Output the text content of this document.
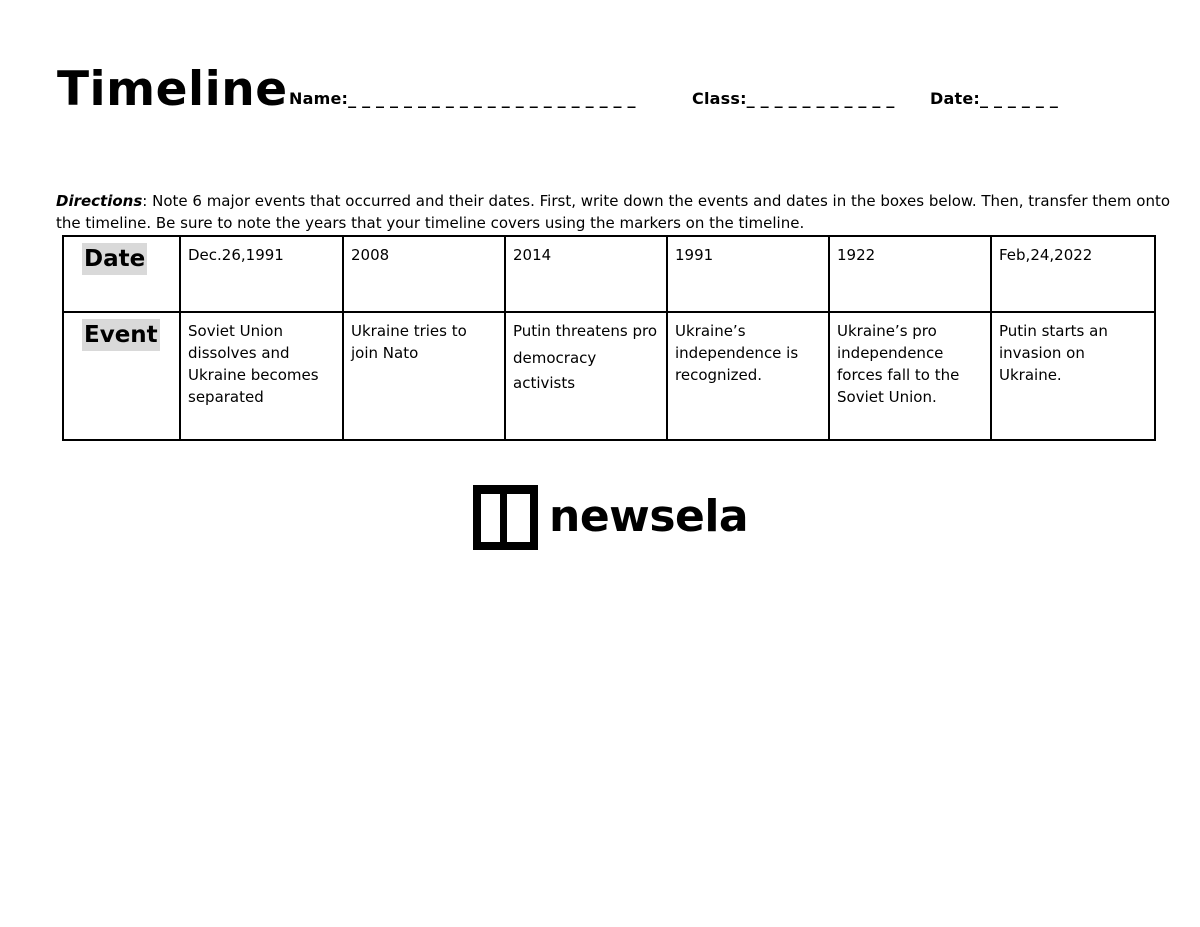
Timeline Name:_ _ _ _ _ _ _ _ _ _ _ _ _ _ _ _ _ _ _ _ _	Class:_ _ _ _ _ _ _ _ _ _ _ Date:_ _ _ _ _ _
Directions: Note 6 major events that occurred and their dates. First, write down the events and dates in the boxes below. Then, transfer them onto the timeline. Be sure to note the years that your timeline covers using the markers on the timeline.
Date	Dec.26,1991	2008	2014	1991	1922	Feb,24,2022
Event	Soviet Union dissolves and Ukraine becomes separated	Ukraine tries to join Nato	Putin threatens pro
democracy activists	Ukraine’s independence is recognized.	Ukraine’s pro independence forces fall to the Soviet Union.	Putin starts an invasion on Ukraine.
newsela
